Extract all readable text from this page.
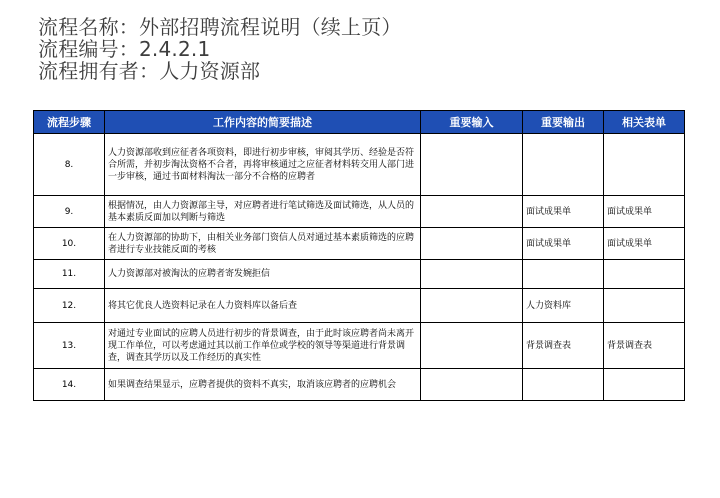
流程名称：外部招聘流程说明（续上页）
流程编号：2.4.2.1
流程拥有者：人力资源部
流程步骤	工作内容的简要描述	重要输入	重要输出	相关表单
8.	人力资源部收到应征者各项资料，即进行初步审核，审阅其学历、经验是否符合所需，并初步淘汰资格不合者，再将审核通过之应征者材料转交用人部门进一步审核，通过书面材料淘汰一部分不合格的应聘者			
9.	根据情况，由人力资源部主导，对应聘者进行笔试筛选及面试筛选，从人员的基本素质反面加以判断与筛选		面试成果单	面试成果单
10.	在人力资源部的协助下，由相关业务部门资信人员对通过基本素质筛选的应聘者进行专业技能反面的考核		面试成果单	面试成果单
11.	人力资源部对被淘汰的应聘者寄发婉拒信			
12.	将其它优良人选资料记录在人力资料库以备后查		人力资料库	
13.	对通过专业面试的应聘人员进行初步的背景调查，由于此时该应聘者尚未离开现工作单位，可以考虑通过其以前工作单位或学校的领导等渠道进行背景调查，调查其学历以及工作经历的真实性		背景调查表	背景调查表
14.	如果调查结果显示，应聘者提供的资料不真实，取消该应聘者的应聘机会			
